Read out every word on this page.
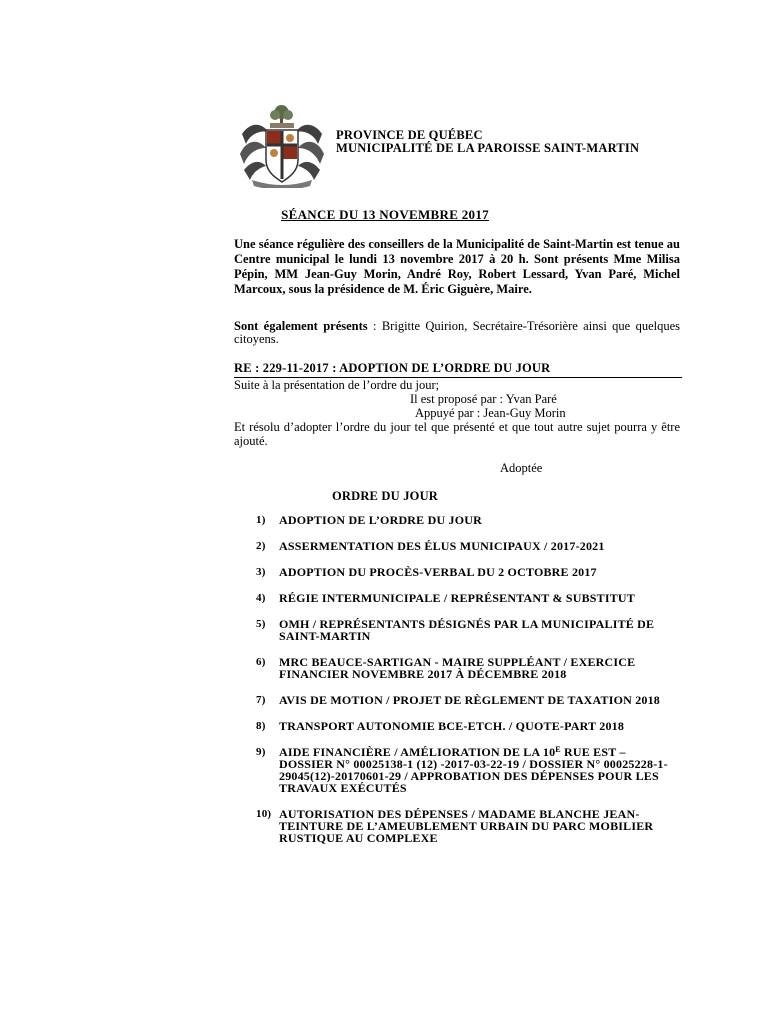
PROVINCE DE QUÉBEC
MUNICIPALITÉ DE LA PAROISSE SAINT-MARTIN
SÉANCE DU 13 NOVEMBRE 2017
Une séance régulière des conseillers de la Municipalité de Saint-Martin est tenue au Centre municipal le lundi 13 novembre 2017 à 20 h. Sont présents Mme Milisa Pépin, MM Jean-Guy Morin, André Roy, Robert Lessard, Yvan Paré, Michel Marcoux, sous la présidence de M. Éric Giguère, Maire.
Sont également présents : Brigitte Quirion, Secrétaire-Trésorière ainsi que quelques citoyens.
RE : 229-11-2017 : ADOPTION DE L’ORDRE DU JOUR
Suite à la présentation de l’ordre du jour;
Il est proposé par : Yvan Paré
Appuyé par : Jean-Guy Morin
Et résolu d’adopter l’ordre du jour tel que présenté et que tout autre sujet pourra y être ajouté.
Adoptée
ORDRE DU JOUR
1)	ADOPTION DE L’ORDRE DU JOUR
2)	ASSERMENTATION DES ÉLUS MUNICIPAUX / 2017-2021
3)	ADOPTION DU PROCÈS-VERBAL DU 2 OCTOBRE 2017
4)	RÉGIE INTERMUNICIPALE / REPRÉSENTANT & SUBSTITUT
5)	OMH / REPRÉSENTANTS DÉSIGNÉS PAR LA MUNICIPALITÉ DE SAINT-MARTIN
6)	MRC BEAUCE-SARTIGAN - MAIRE SUPPLÉANT / EXERCICE FINANCIER NOVEMBRE 2017 À DÉCEMBRE 2018
7)	AVIS DE MOTION / PROJET DE RÈGLEMENT DE TAXATION 2018
8)	TRANSPORT AUTONOMIE BCE-ETCH. / QUOTE-PART 2018
9)	AIDE FINANCIÈRE / AMÉLIORATION DE LA $10^E$ RUE EST – DOSSIER N° 00025138-1 (12) -2017-03-22-19 / DOSSIER N° 00025228-1-29045(12)-20170601-29 / APPROBATION DES DÉPENSES POUR LES TRAVAUX EXÉCUTÉS
10) AUTORISATION DES DÉPENSES / MADAME BLANCHE JEAN- TEINTURE DE L’AMEUBLEMENT URBAIN DU PARC MOBILIER RUSTIQUE AU COMPLEXE
